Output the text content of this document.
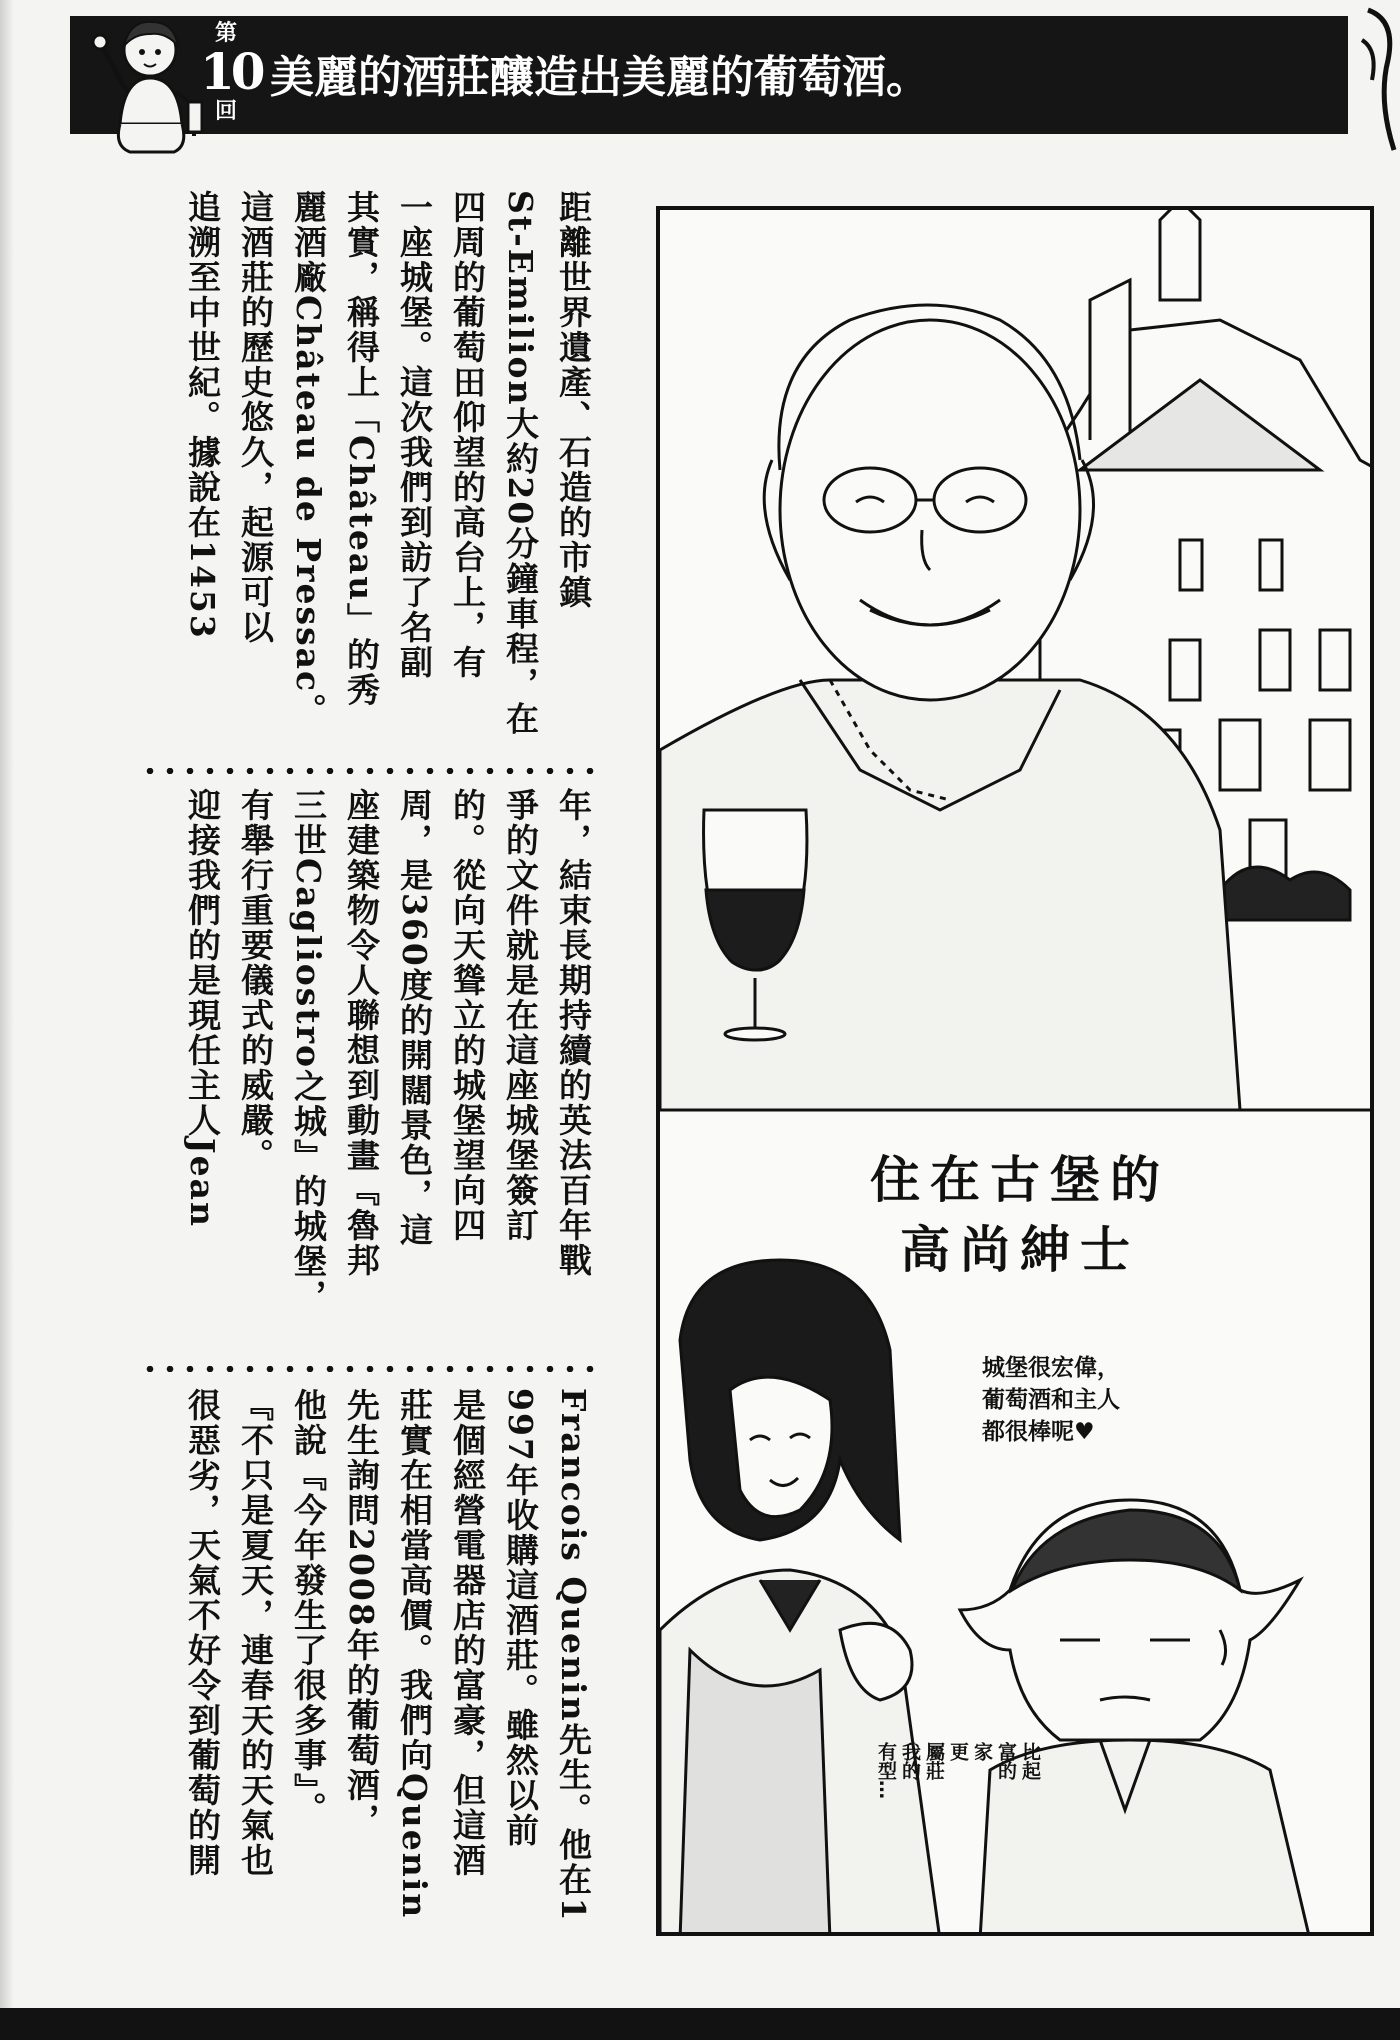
第
10
回
美麗的酒莊釀造出美麗的葡萄酒。

距離世界遺產、石造的市鎮

St-Emilion大約20分鐘車程，在

四周的葡萄田仰望的高台上，有

一座城堡。這次我們到訪了名副

其實，稱得上「Château」的秀

麗酒廠Château de Pressac。

這酒莊的歷史悠久，起源可以

追溯至中世紀。據說在1453

年，結束長期持續的英法百年戰

爭的文件就是在這座城堡簽訂

的。從向天聳立的城堡望向四

周，是360度的開闊景色，這

座建築物令人聯想到動畫『魯邦

三世Cagliostro之城』的城堡，

有舉行重要儀式的威嚴。

迎接我們的是現任主人Jean

Francois Quenin先生。他在1

997年收購這酒莊。雖然以前

是個經營電器店的富豪，但這酒

莊實在相當高價。我們向Quenin

先生詢問2008年的葡萄酒，

他說『今年發生了很多事』。

『不只是夏天，連春天的天氣也

很惡劣，天氣不好令到葡萄的開

住在古堡的
高尚紳士
城堡很宏偉，
葡萄酒和主人
都很棒呢♥
比起
富的
家
更
屬莊
我的
有型…
